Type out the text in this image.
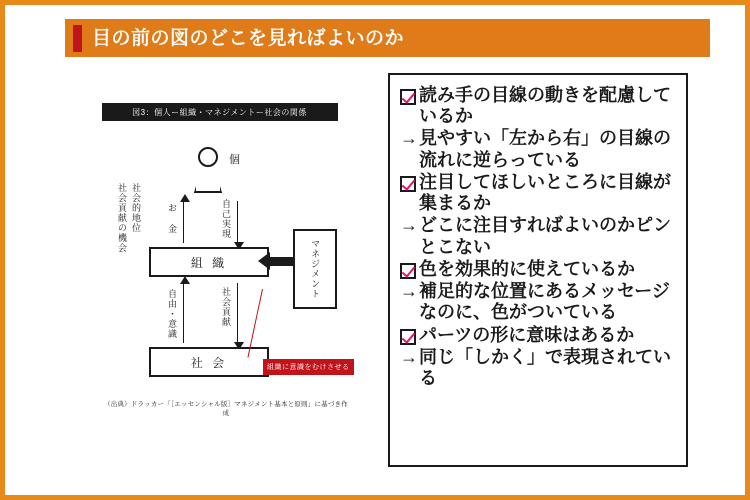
目の前の図のどこを見ればよいのか
図3：個人ー組織・マネジメントー社会の関係
個
社会貢献の機会 社会的地位	お 金	自己実現
組 織
自由・意識	社会貢献
社 会
マネジメント
組織に意識をむけさせる
（出典）ドラッカー「［エッセンシャル版］マネジメント基本と原則」に基づき作成
読み手の目線の動きを配慮しているか
→ 見やすい「左から右」の目線の流れに逆らっている
注目してほしいところに目線が集まるか
→ どこに注目すればよいのかピンとこない
色を効果的に使えているか
→ 補足的な位置にあるメッセージなのに、色がついている
パーツの形に意味はあるか
→ 同じ「しかく」で表現されている
